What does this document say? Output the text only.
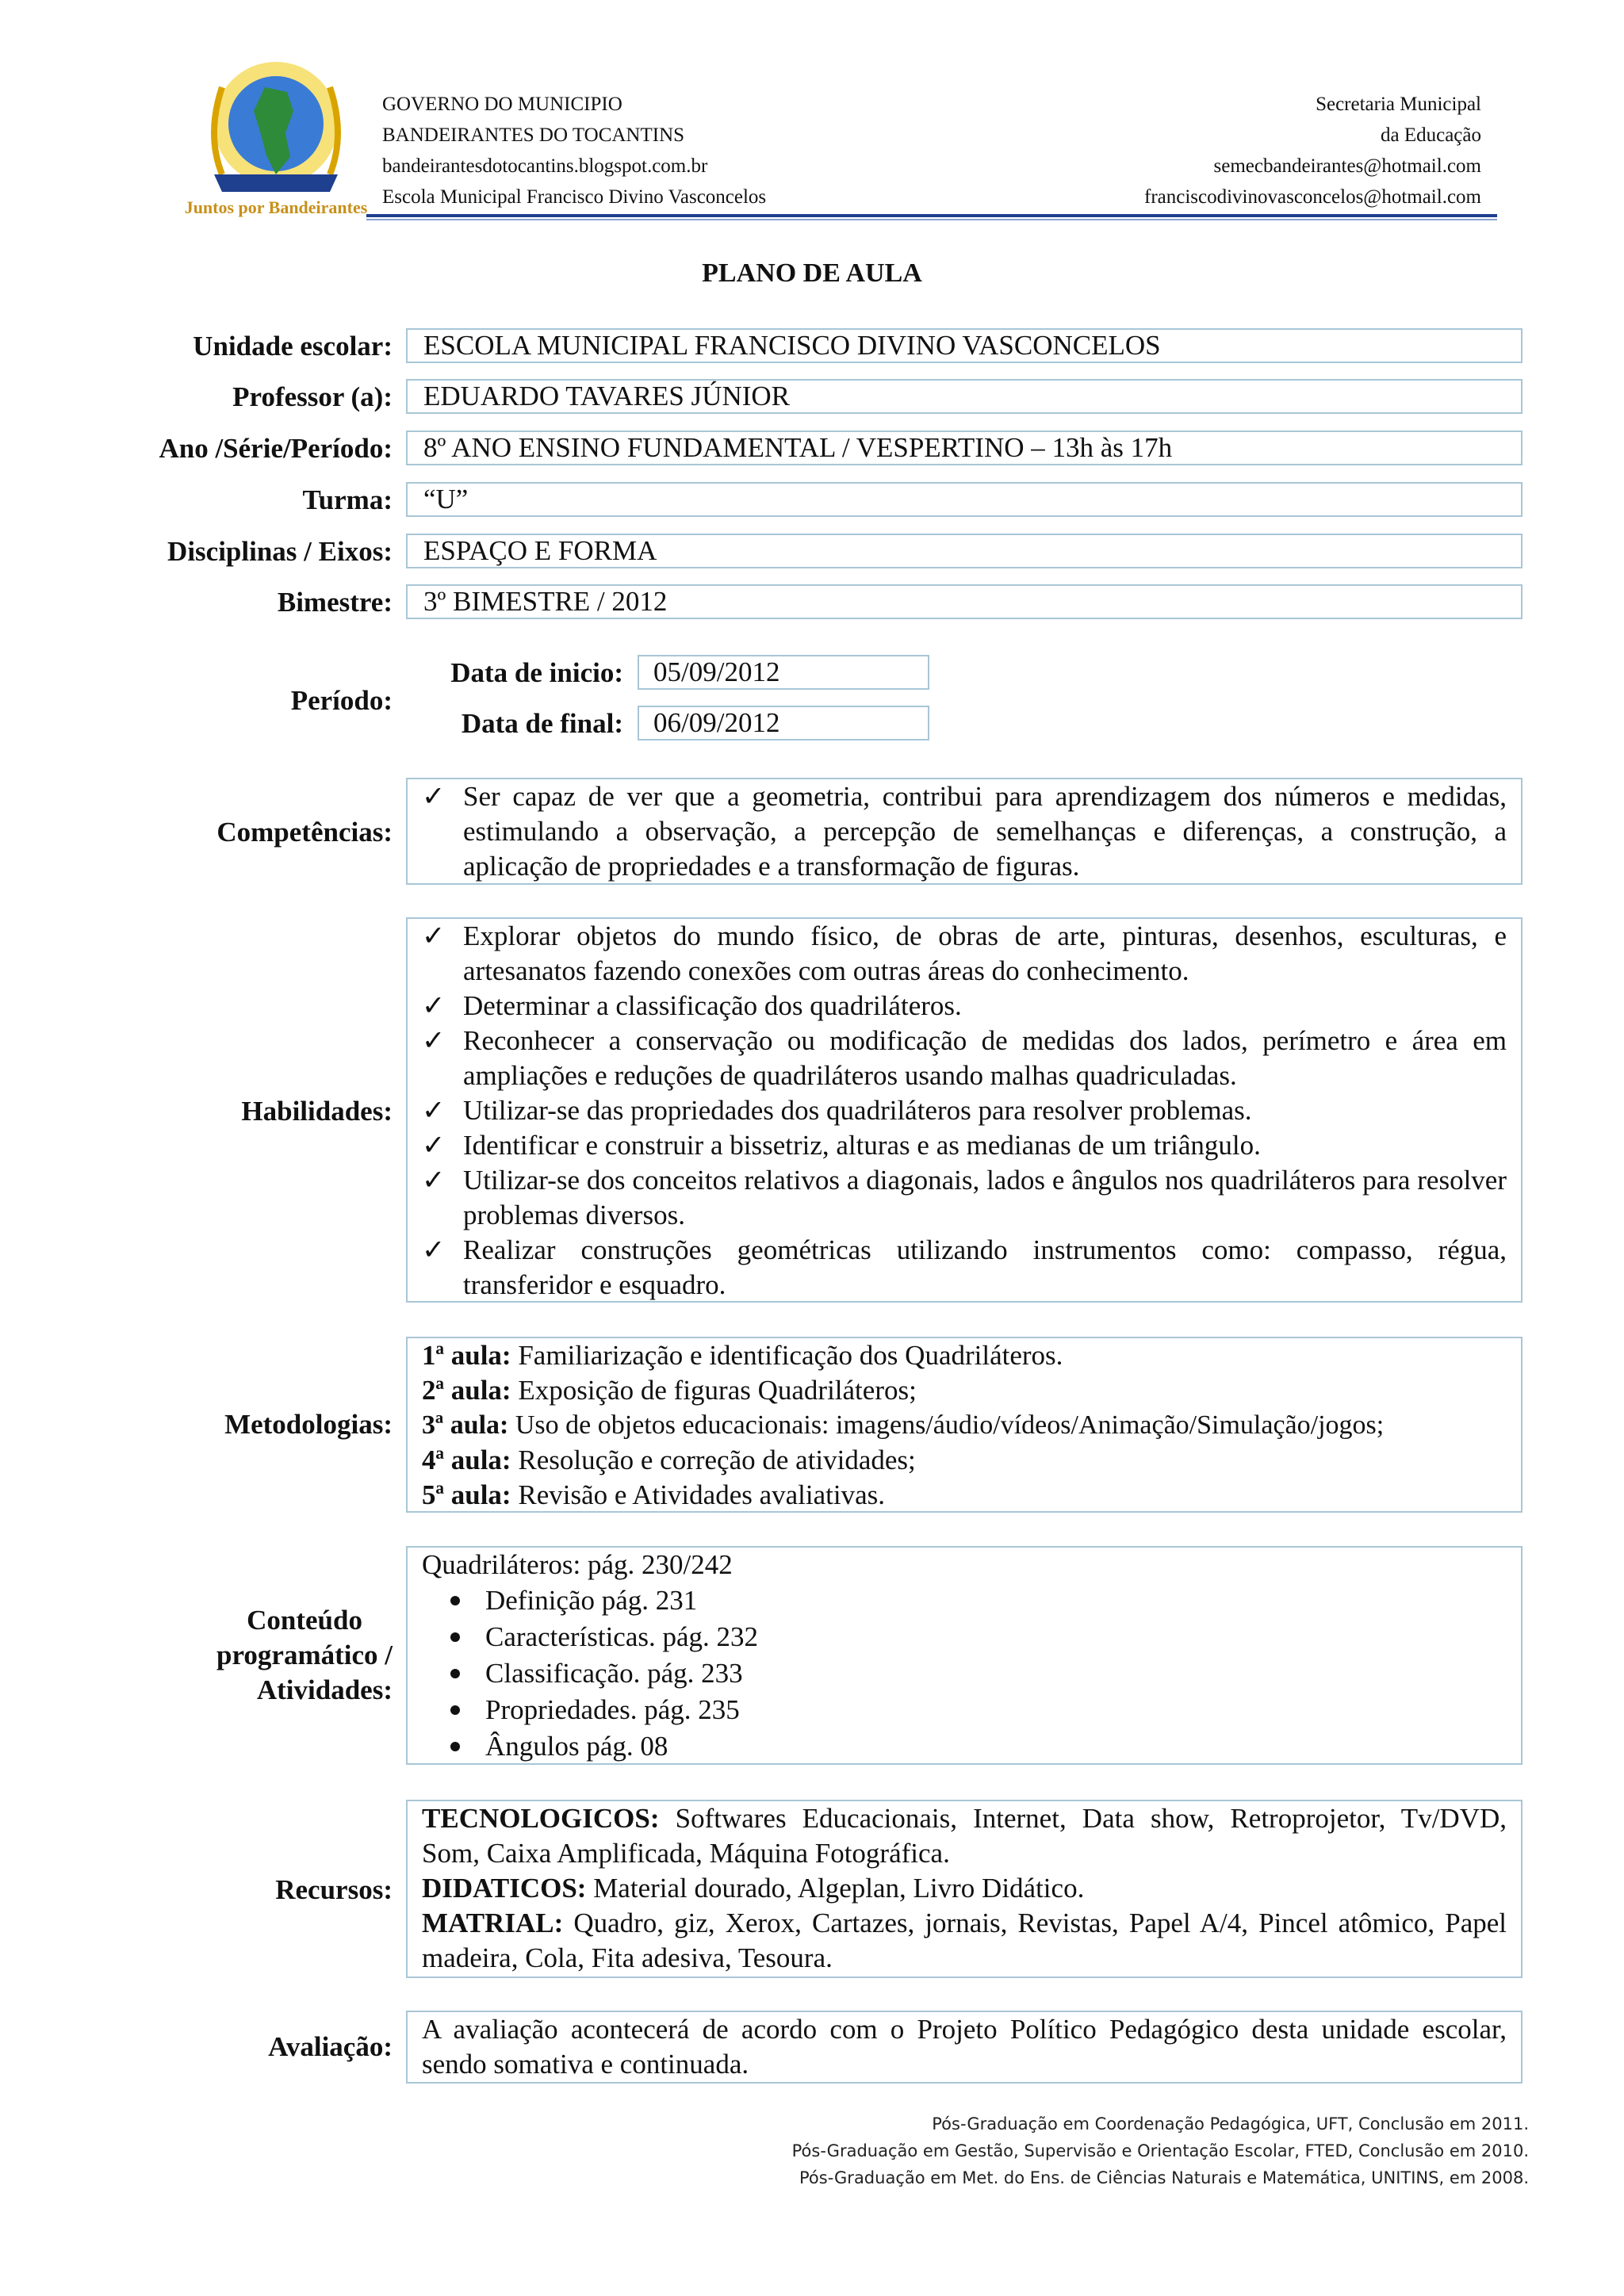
Juntos por Bandeirantes
GOVERNO DO MUNICIPIO
BANDEIRANTES DO TOCANTINS
bandeirantesdotocantins.blogspot.com.br
Escola Municipal Francisco Divino Vasconcelos
Secretaria Municipal
da Educação
semecbandeirantes@hotmail.com
franciscodivinovasconcelos@hotmail.com
PLANO DE AULA
Unidade escolar:	ESCOLA MUNICIPAL FRANCISCO DIVINO VASCONCELOS
Professor (a):	EDUARDO TAVARES JÚNIOR
Ano /Série/Período:	8º ANO ENSINO FUNDAMENTAL / VESPERTINO – 13h às 17h
Turma:	“U”
Disciplinas / Eixos:	ESPAÇO E FORMA
Bimestre:	3º BIMESTRE / 2012
Período:
Data de inicio:	05/09/2012
Data de final:	06/09/2012
Competências:
✓ Ser capaz de ver que a geometria, contribui para aprendizagem dos números e medidas, estimulando a observação, a percepção de semelhanças e diferenças, a construção, a aplicação de propriedades e a transformação de figuras.
Habilidades:
✓ Explorar objetos do mundo físico, de obras de arte, pinturas, desenhos, esculturas, e artesanatos fazendo conexões com outras áreas do conhecimento.
✓ Determinar a classificação dos quadriláteros.
✓ Reconhecer a conservação ou modificação de medidas dos lados, perímetro e área em ampliações e reduções de quadriláteros usando malhas quadriculadas.
✓ Utilizar-se das propriedades dos quadriláteros para resolver problemas.
✓ Identificar e construir a bissetriz, alturas e as medianas de um triângulo.
✓ Utilizar-se dos conceitos relativos a diagonais, lados e ângulos nos quadriláteros para resolver problemas diversos.
✓ Realizar construções geométricas utilizando instrumentos como: compasso, régua, transferidor e esquadro.
Metodologias:
1ª aula: Familiarização e identificação dos Quadriláteros.
2ª aula: Exposição de figuras Quadriláteros;
3ª aula: Uso de objetos educacionais: imagens/áudio/vídeos/Animação/Simulação/jogos;
4ª aula: Resolução e correção de atividades;
5ª aula: Revisão e Atividades avaliativas.
Conteúdo
programático /
Atividades:
Quadriláteros: pág. 230/242
Definição pág. 231
Características. pág. 232
Classificação. pág. 233
Propriedades. pág. 235
Ângulos pág. 08
Recursos:
TECNOLOGICOS: Softwares Educacionais, Internet, Data show, Retroprojetor, Tv/DVD, Som, Caixa Amplificada, Máquina Fotográfica.
DIDATICOS: Material dourado, Algeplan, Livro Didático.
MATRIAL: Quadro, giz, Xerox, Cartazes, jornais, Revistas, Papel A/4, Pincel atômico, Papel madeira, Cola, Fita adesiva, Tesoura.
Avaliação:
A avaliação acontecerá de acordo com o Projeto Político Pedagógico desta unidade escolar, sendo somativa e continuada.
Pós-Graduação em Coordenação Pedagógica, UFT, Conclusão em 2011.
Pós-Graduação em Gestão, Supervisão e Orientação Escolar, FTED, Conclusão em 2010.
Pós-Graduação em Met. do Ens. de Ciências Naturais e Matemática, UNITINS, em 2008.
